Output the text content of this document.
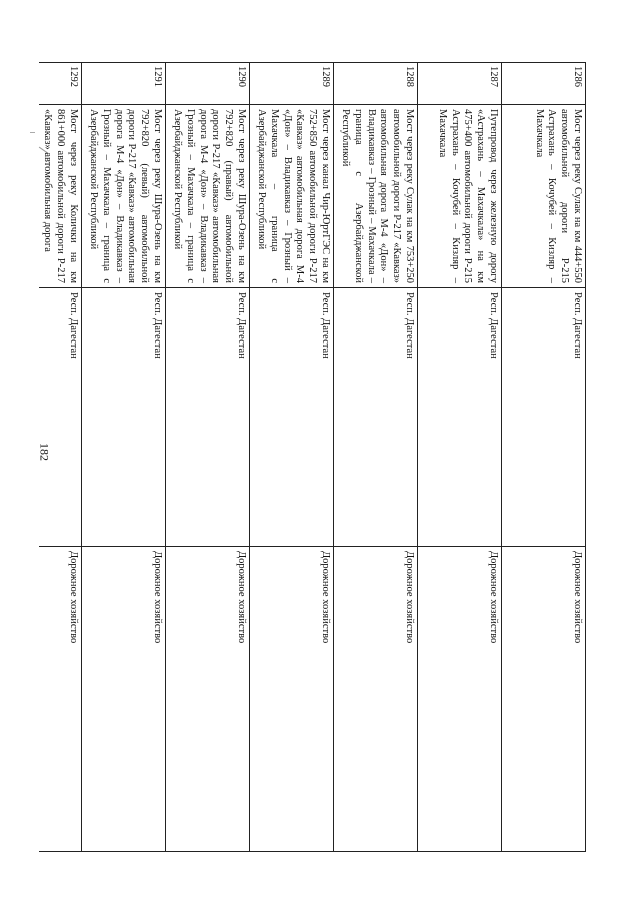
182
1286	Мост через реку Сулак на км 444+550 автомобильной дороги Р-215 Астрахань – Кочубей – Кизляр – Махачкала	Респ. Дагестан	Дорожное хозяйство
1287	Путепровод через железную дорогу «Астрахань – Махачкала» на км 475+400 автомобильной дороги Р-215 Астрахань – Кочубей – Кизляр – Махачкала	Респ. Дагестан	Дорожное хозяйство
1288	Мост через реку Сулак на км 753+250 автомобильной дороги Р-217 «Кавказ» автомобильная дорога М-4 «Дон» – Владикавказ – Грозный – Махачкала – граница с Азербайджанской Республикой	Респ. Дагестан	Дорожное хозяйство
1289	Мост через канал Чир-ЮртГЭС на км 752+850 автомобильной дороги Р-217 «Кавказ» автомобильная дорога М-4 «Дон» – Владикавказ – Грозный – Махачкала – граница с Азербайджанской Республикой	Респ. Дагестан	Дорожное хозяйство
1290	Мост через реку Шура-Озень на км 792+820 (правый) автомобильной дороги Р-217 «Кавказ» автомобильная дорога М-4 «Дон» – Владикавказ – Грозный – Махачкала – граница с Азербайджанской Республикой	Респ. Дагестан	Дорожное хозяйство
1291	Мост через реку Шура-Озень на км 792+820 (левый) автомобильной дороги Р-217 «Кавказ» автомобильная дорога М-4 «Дон» – Владикавказ – Грозный – Махачкала – граница с Азербайджанской Республикой	Респ. Дагестан	Дорожное хозяйство
1292	Мост через реку Колички на км 861+000 автомобильной дороги Р-217 «Кавказ» автомобильная дорога	Респ. Дагестан	Дорожное хозяйство
